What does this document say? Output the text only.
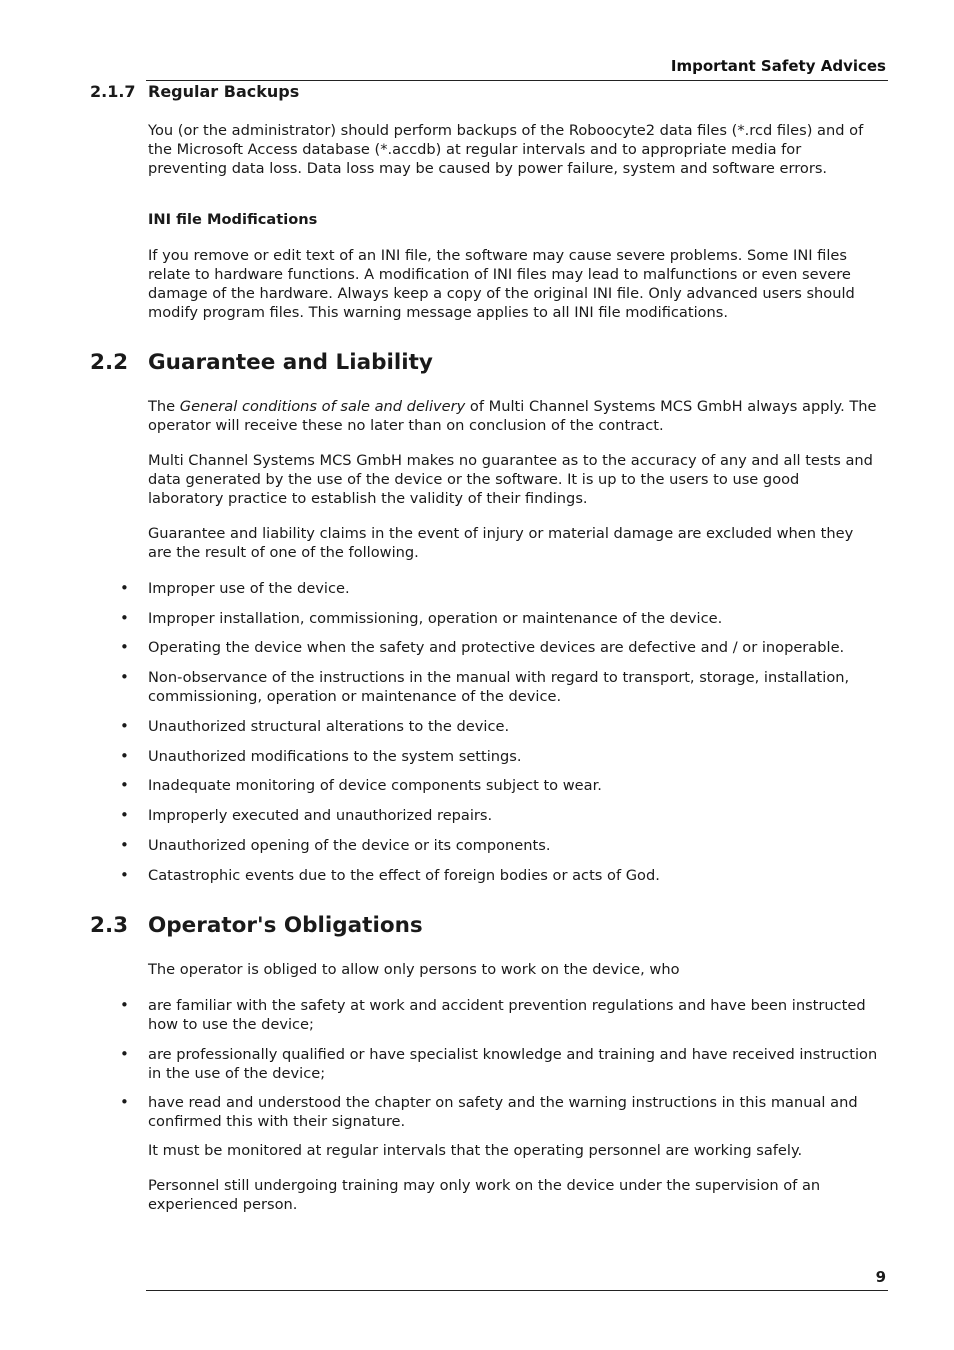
Important Safety Advices
2.1.7 Regular Backups

You (or the administrator) should perform backups of the Roboocyte2 data files (*.rcd files) and of the Microsoft Access database (*.accdb) at regular intervals and to appropriate media for preventing data loss. Data loss may be caused by power failure, system and software errors.

INI file Modifications

If you remove or edit text of an INI file, the software may cause severe problems. Some INI files relate to hardware functions. A modification of INI files may lead to malfunctions or even severe damage of the hardware. Always keep a copy of the original INI file. Only advanced users should modify program files. This warning message applies to all INI file modifications.

2.2 Guarantee and Liability

The General conditions of sale and delivery of Multi Channel Systems MCS GmbH always apply. The operator will receive these no later than on conclusion of the contract.

Multi Channel Systems MCS GmbH makes no guarantee as to the accuracy of any and all tests and data generated by the use of the device or the software. It is up to the users to use good laboratory practice to establish the validity of their findings.

Guarantee and liability claims in the event of injury or material damage are excluded when they are the result of one of the following.

• Improper use of the device.
• Improper installation, commissioning, operation or maintenance of the device.
• Operating the device when the safety and protective devices are defective and / or inoperable.
• Non-observance of the instructions in the manual with regard to transport, storage, installation, commissioning, operation or maintenance of the device.
• Unauthorized structural alterations to the device.
• Unauthorized modifications to the system settings.
• Inadequate monitoring of device components subject to wear.
• Improperly executed and unauthorized repairs.
• Unauthorized opening of the device or its components.
• Catastrophic events due to the effect of foreign bodies or acts of God.
2.3 Operator's Obligations

The operator is obliged to allow only persons to work on the device, who

• are familiar with the safety at work and accident prevention regulations and have been instructed how to use the device;
• are professionally qualified or have specialist knowledge and training and have received instruction in the use of the device;
• have read and understood the chapter on safety and the warning instructions in this manual and confirmed this with their signature.

It must be monitored at regular intervals that the operating personnel are working safely.

Personnel still undergoing training may only work on the device under the supervision of an experienced person.

9
